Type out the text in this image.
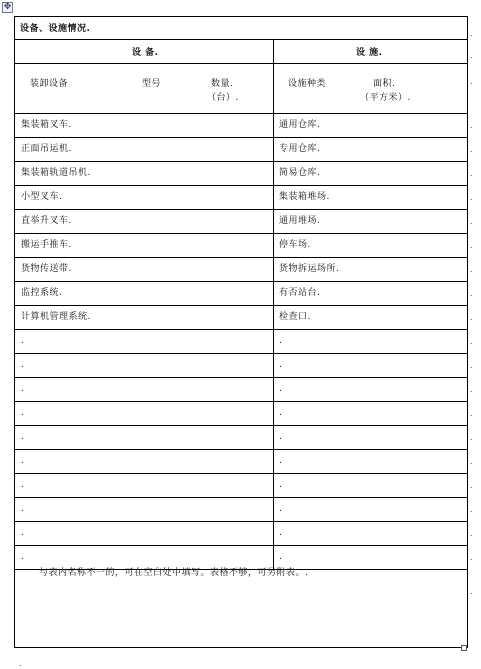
✥
设备、设施情况.
设 备.	设 施.
装卸设备	型号	数量.
（台）.
设施种类	面积.
（平方米）.
集装箱叉车.	通用仓库.
正面吊运机.	专用仓库.
集装箱轨道吊机.	简易仓库.
小型叉车.	集装箱堆场.
直举升叉车.	通用堆场.
搬运手推车.	停车场.
货物传送带.	货物拆运场所.
监控系统.	有否站台.
计算机管理系统.	检查口.
.	.
.	.
.	.
.	.
.	.
.	.
.	.
.	.
.	.
.	.
与表内名称不一的，可在空白处中填写。表格不够，可另附表。.
.
.
.
.
.
.
.
.
.
.
.
.
.
.
.
.
.
.
.
.
.
.
.
.
